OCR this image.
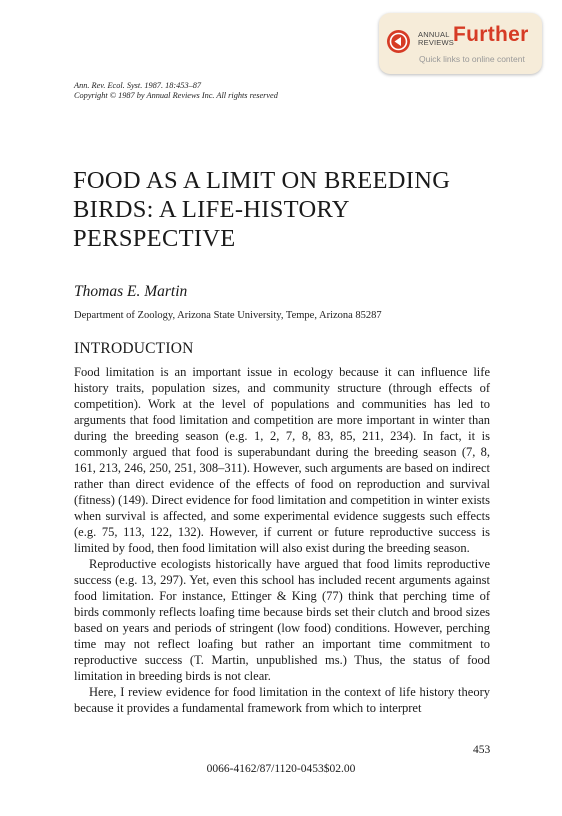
ANNUAL
REVIEWS Further
Quick links to online content
Ann. Rev. Ecol. Syst. 1987. 18:453–87
Copyright © 1987 by Annual Reviews Inc. All rights reserved
FOOD AS A LIMIT ON BREEDING
BIRDS: A LIFE-HISTORY
PERSPECTIVE
Thomas E. Martin
Department of Zoology, Arizona State University, Tempe, Arizona 85287
INTRODUCTION

Food limitation is an important issue in ecology because it can influence life history traits, population sizes, and community structure (through effects of competition). Work at the level of populations and communities has led to arguments that food limitation and competition are more important in winter than during the breeding season (e.g. 1, 2, 7, 8, 83, 85, 211, 234). In fact, it is commonly argued that food is superabundant during the breeding season (7, 8, 161, 213, 246, 250, 251, 308–311). However, such arguments are based on indirect rather than direct evidence of the effects of food on reproduction and survival (fitness) (149). Direct evidence for food limitation and competition in winter exists when survival is affected, and some experimental evidence suggests such effects (e.g. 75, 113, 122, 132). However, if current or future reproductive success is limited by food, then food limitation will also exist during the breeding season.

Reproductive ecologists historically have argued that food limits reproductive success (e.g. 13, 297). Yet, even this school has included recent arguments against food limitation. For instance, Ettinger & King (77) think that perching time of birds commonly reflects loafing time because birds set their clutch and brood sizes based on years and periods of stringent (low food) conditions. However, perching time may not reflect loafing but rather an important time commitment to reproductive success (T. Martin, unpublished ms.) Thus, the status of food limitation in breeding birds is not clear.

Here, I review evidence for food limitation in the context of life history theory because it provides a fundamental framework from which to interpret

453
0066-4162/87/1120-0453$02.00
